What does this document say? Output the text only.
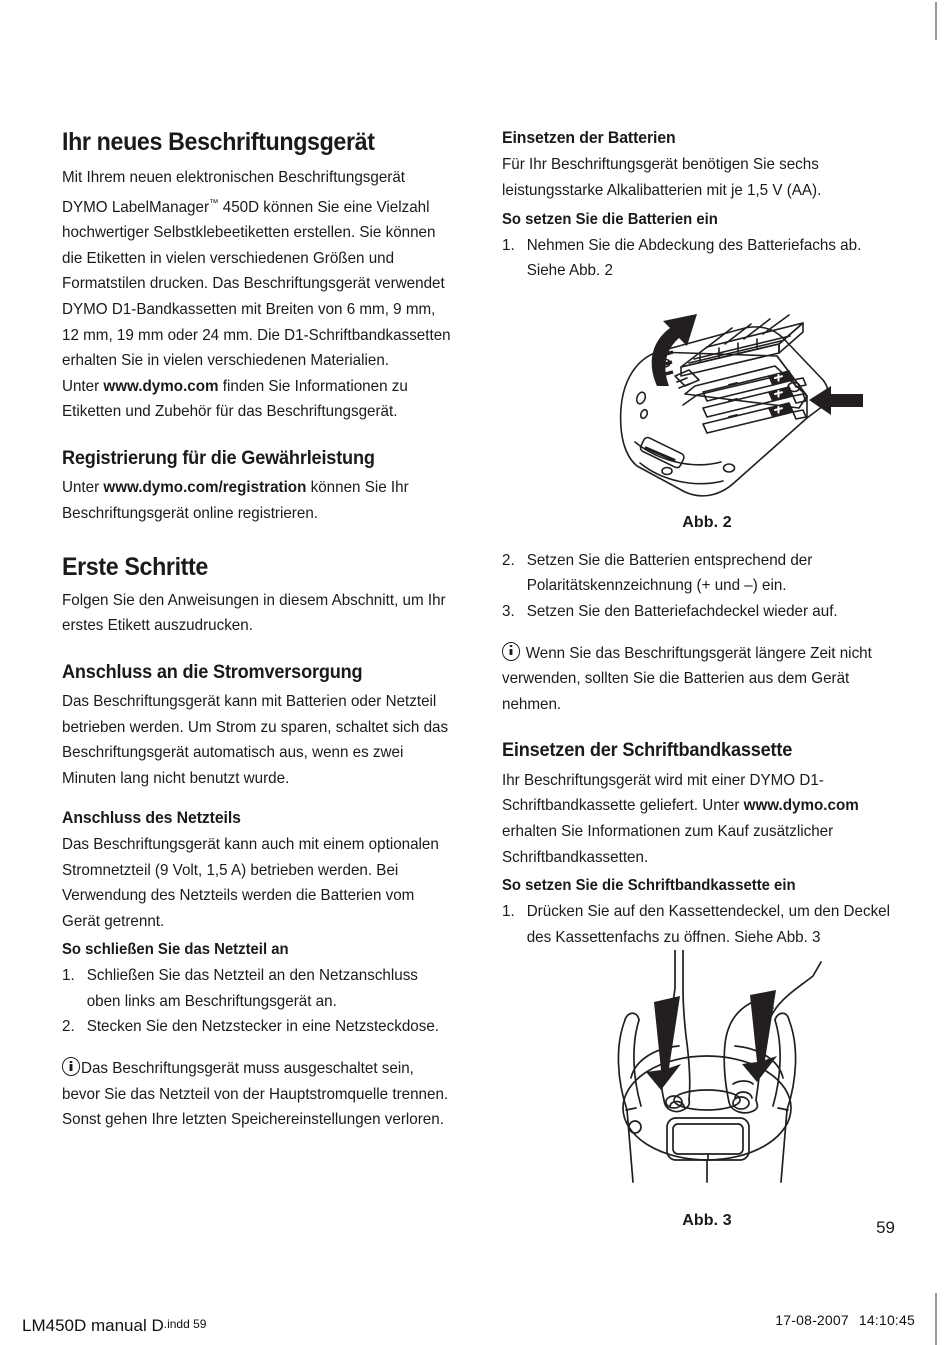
Ihr neues Beschriftungsgerät

Mit Ihrem neuen elektronischen Beschriftungsgerät DYMO LabelManager™ 450D können Sie eine Vielzahl hochwertiger Selbstklebeetiketten erstellen. Sie können die Etiketten in vielen verschiedenen Größen und Formatstilen drucken. Das Beschriftungsgerät verwendet DYMO D1-Bandkassetten mit Breiten von 6 mm, 9 mm, 12 mm, 19 mm oder 24 mm. Die D1-Schriftbandkassetten erhalten Sie in vielen verschiedenen Materialien.

Unter www.dymo.com finden Sie Informationen zu Etiketten und Zubehör für das Beschriftungsgerät.

Registrierung für die Gewährleistung

Unter www.dymo.com/registration können Sie Ihr Beschriftungsgerät online registrieren.

Erste Schritte

Folgen Sie den Anweisungen in diesem Abschnitt, um Ihr erstes Etikett auszudrucken.

Anschluss an die Stromversorgung

Das Beschriftungsgerät kann mit Batterien oder Netzteil betrieben werden. Um Strom zu sparen, schaltet sich das Beschriftungsgerät automatisch aus, wenn es zwei Minuten lang nicht benutzt wurde.

Anschluss des Netzteils

Das Beschriftungsgerät kann auch mit einem optionalen Stromnetzteil (9 Volt, 1,5 A) betrieben werden. Bei Verwendung des Netzteils werden die Batterien vom Gerät getrennt.

So schließen Sie das Netzteil an
1. Schließen Sie das Netzteil an den Netzanschluss oben links am Beschriftungsgerät an.
2. Stecken Sie den Netzstecker in eine Netzsteckdose.

Das Beschriftungsgerät muss ausgeschaltet sein, bevor Sie das Netzteil von der Hauptstromquelle trennen. Sonst gehen Ihre letzten Speichereinstellungen verloren.

Einsetzen der Batterien

Für Ihr Beschriftungsgerät benötigen Sie sechs leistungsstarke Alkalibatterien mit je 1,5 V (AA).

So setzen Sie die Batterien ein
1. Nehmen Sie die Abdeckung des Batteriefachs ab. Siehe Abb. 2
Abb. 2
2. Setzen Sie die Batterien entsprechend der Polaritätskennzeichnung (+ und –) ein.
3. Setzen Sie den Batteriefachdeckel wieder auf.

Wenn Sie das Beschriftungsgerät längere Zeit nicht verwenden, sollten Sie die Batterien aus dem Gerät nehmen.

Einsetzen der Schriftbandkassette

Ihr Beschriftungsgerät wird mit einer DYMO D1-Schriftbandkassette geliefert. Unter www.dymo.com erhalten Sie Informationen zum Kauf zusätzlicher Schriftbandkassetten.

So setzen Sie die Schriftbandkassette ein
1. Drücken Sie auf den Kassettendeckel, um den Deckel des Kassettenfachs zu öffnen. Siehe Abb. 3
Abb. 3	59
LM450D manual D.indd 59	17-08-2007 14:10:45
